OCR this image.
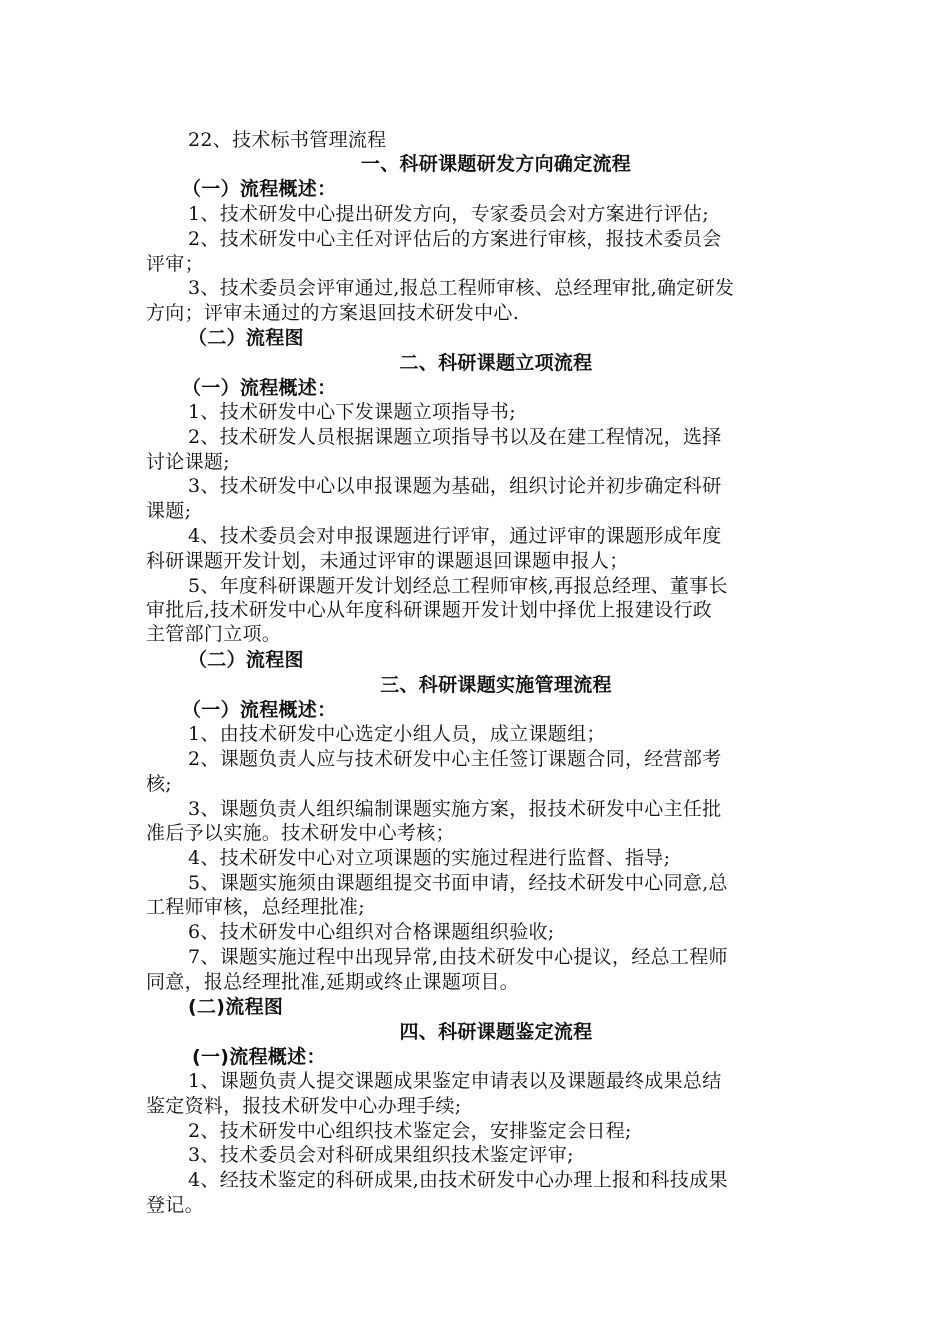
22、技术标书管理流程
一、科研课题研发方向确定流程
（一）流程概述：
1、技术研发中心提出研发方向，专家委员会对方案进行评估;
2、技术研发中心主任对评估后的方案进行审核，报技术委员会
评审；
3、技术委员会评审通过,报总工程师审核、总经理审批,确定研发
方向；评审未通过的方案退回技术研发中心.
（二）流程图
二、科研课题立项流程
（一）流程概述：
1、技术研发中心下发课题立项指导书;
2、技术研发人员根据课题立项指导书以及在建工程情况，选择
讨论课题;
3、技术研发中心以申报课题为基础，组织讨论并初步确定科研
课题;
4、技术委员会对申报课题进行评审，通过评审的课题形成年度
科研课题开发计划，未通过评审的课题退回课题申报人；
5、年度科研课题开发计划经总工程师审核,再报总经理、董事长
审批后,技术研发中心从年度科研课题开发计划中择优上报建设行政
主管部门立项。
（二）流程图
三、科研课题实施管理流程
（一）流程概述：
1、由技术研发中心选定小组人员，成立课题组；
2、课题负责人应与技术研发中心主任签订课题合同，经营部考
核;
3、课题负责人组织编制课题实施方案，报技术研发中心主任批
准后予以实施。技术研发中心考核；
4、技术研发中心对立项课题的实施过程进行监督、指导;
5、课题实施须由课题组提交书面申请，经技术研发中心同意,总
工程师审核，总经理批准;
6、技术研发中心组织对合格课题组织验收;
7、课题实施过程中出现异常,由技术研发中心提议，经总工程师
同意，报总经理批准,延期或终止课题项目。
(二)流程图
四、科研课题鉴定流程
(一)流程概述：
1、课题负责人提交课题成果鉴定申请表以及课题最终成果总结
鉴定资料，报技术研发中心办理手续;
2、技术研发中心组织技术鉴定会，安排鉴定会日程;
3、技术委员会对科研成果组织技术鉴定评审;
4、经技术鉴定的科研成果,由技术研发中心办理上报和科技成果
登记。
